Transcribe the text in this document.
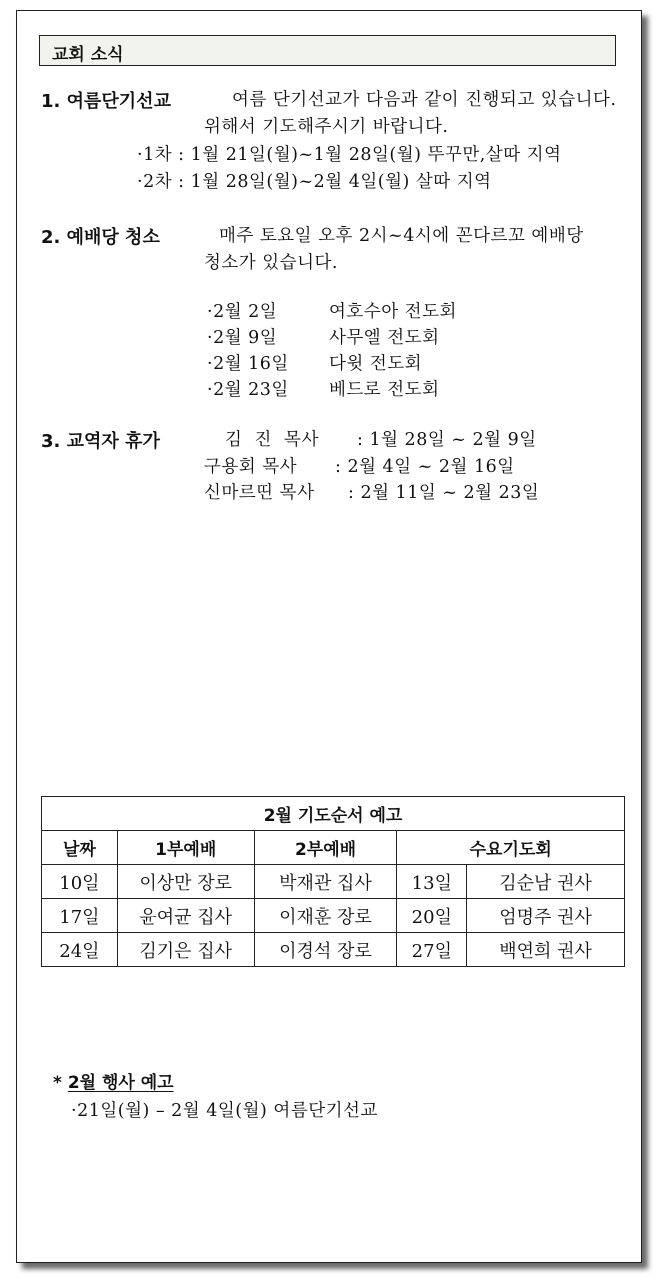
교회 소식
1. 여름단기선교	여름 단기선교가 다음과 같이 진행되고 있습니다.
위해서 기도해주시기 바랍니다.
·1차 : 1월 21일(월)~1월 28일(월) 뚜꾸만,살따 지역
·2차 : 1월 28일(월)~2월 4일(월) 살따 지역
2. 예배당 청소	매주 토요일 오후 2시~4시에 꼰다르꼬 예배당
청소가 있습니다.
·2월 2일	여호수아 전도회
·2월 9일	사무엘 전도회
·2월 16일 다윗 전도회
·2월 23일 베드로 전도회
3. 교역자 휴가	김  진  목사 : 1월 28일 ~ 2월 9일
구용회 목사 : 2월 4일 ~ 2월 16일
신마르띤 목사 : 2월 11일 ~ 2월 23일
2월 기도순서 예고				
날짜	1부예배	2부예배	수요기도회	
10일	이상만 장로	박재관 집사	13일	김순남 권사
17일	윤여균 집사	이재훈 장로	20일	엄명주 권사
24일	김기은 집사	이경석 장로	27일	백연희 권사
* 2월 행사 예고
·21일(월) – 2월 4일(월) 여름단기선교
